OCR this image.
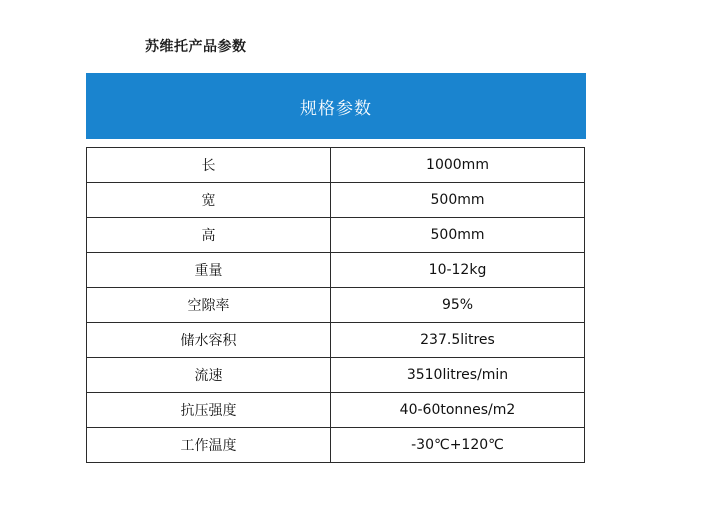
苏维托产品参数
规格参数
长	1000mm
宽	500mm
高	500mm
重量	10-12kg
空隙率	95%
储水容积	237.5litres
流速	3510litres/min
抗压强度	40-60tonnes/m2
工作温度	-30℃+120℃
